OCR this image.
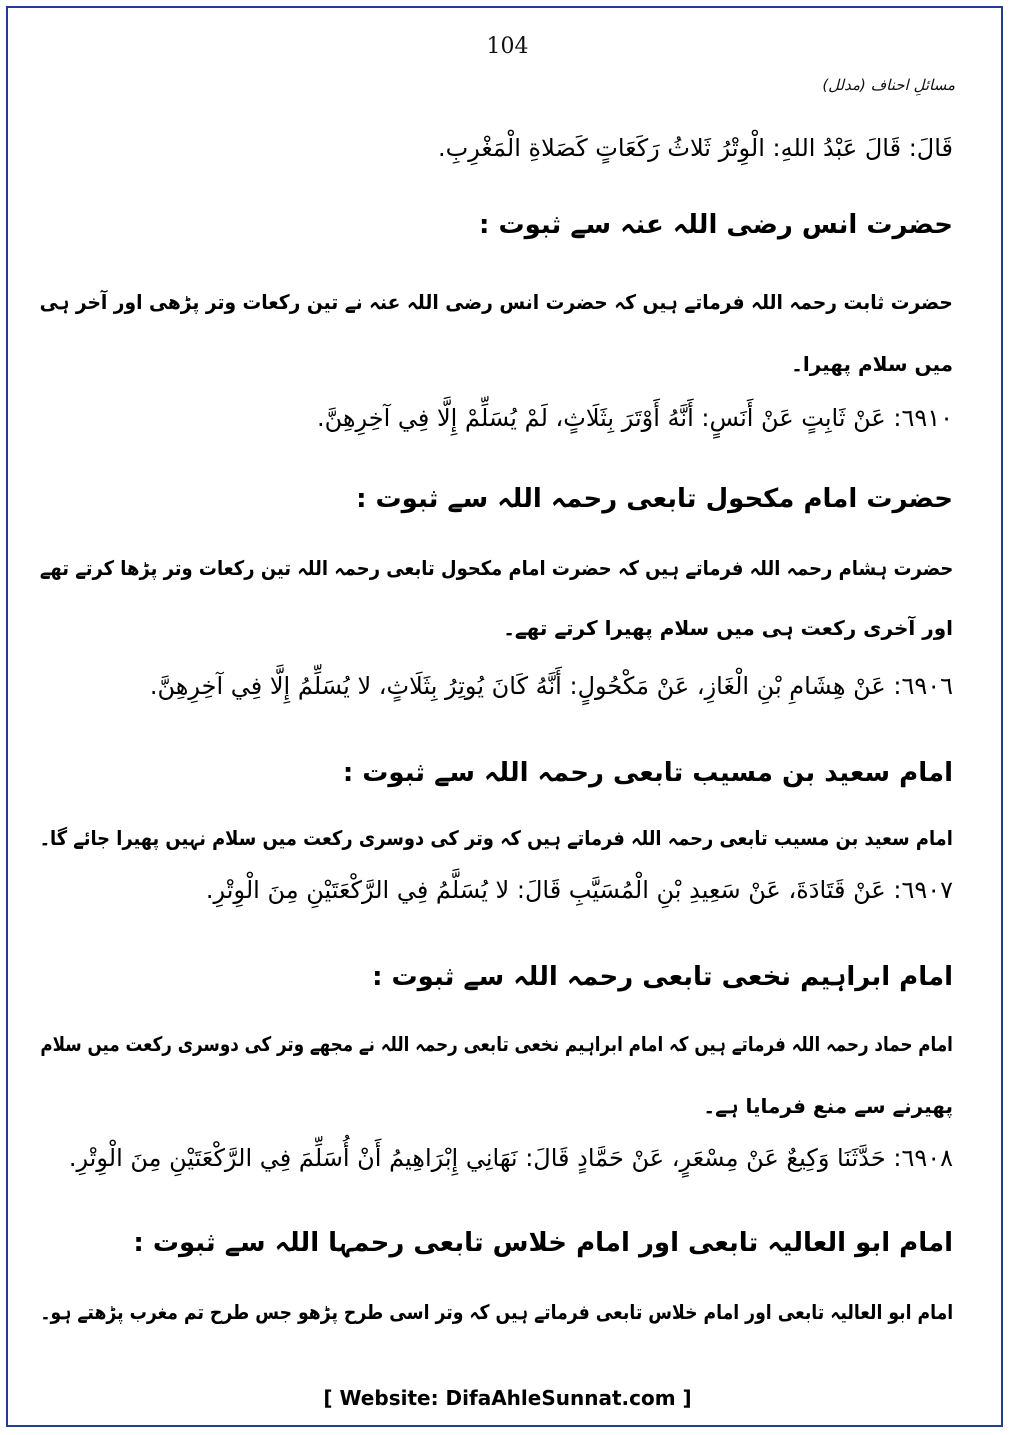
104
مسائلِ احناف (مدلل)
قَالَ: قَالَ عَبْدُ اللهِ: الْوِتْرُ ثَلاثُ رَكَعَاتٍ كَصَلاةِ الْمَغْرِبِ.
حضرت انس رضی اللہ عنہ سے ثبوت :
حضرت ثابت رحمہ اللہ فرماتے ہیں کہ حضرت انس رضی اللہ عنہ نے تین رکعات وتر پڑھی اور آخر ہی
میں سلام پھیرا۔
٦٩١٠: عَنْ ثَابِتٍ عَنْ أَنَسٍ: أَنَّهُ أَوْتَرَ بِثَلَاثٍ، لَمْ يُسَلِّمْ إِلَّا فِي آخِرِهِنَّ.
حضرت امام مکحول تابعی رحمہ اللہ سے ثبوت :
حضرت ہشام رحمہ اللہ فرماتے ہیں کہ حضرت امام مکحول تابعی رحمہ اللہ تین رکعات وتر پڑھا کرتے تھے
اور آخری رکعت ہی میں سلام پھیرا کرتے تھے۔
٦٩٠٦: عَنْ هِشَامِ بْنِ الْغَازِ، عَنْ مَكْحُولٍ: أَنَّهُ كَانَ يُوتِرُ بِثَلَاثٍ، لا يُسَلِّمُ إِلَّا فِي آخِرِهِنَّ.
امام سعید بن مسیب تابعی رحمہ اللہ سے ثبوت :
امام سعید بن مسیب تابعی رحمہ اللہ فرماتے ہیں کہ وتر کی دوسری رکعت میں سلام نہیں پھیرا جائے گا۔
٦٩٠٧: عَنْ قَتَادَةَ، عَنْ سَعِيدِ بْنِ الْمُسَيَّبِ قَالَ: لا يُسَلَّمُ فِي الرَّكْعَتَيْنِ مِنَ الْوِتْرِ.
امام ابراہیم نخعی تابعی رحمہ اللہ سے ثبوت :
امام حماد رحمہ اللہ فرماتے ہیں کہ امام ابراہیم نخعی تابعی رحمہ اللہ نے مجھے وتر کی دوسری رکعت میں سلام
پھیرنے سے منع فرمایا ہے۔
٦٩٠٨: حَدَّثَنَا وَكِيعٌ عَنْ مِسْعَرٍ، عَنْ حَمَّادٍ قَالَ: نَهَانِي إِبْرَاهِيمُ أَنْ أُسَلِّمَ فِي الرَّكْعَتَيْنِ مِنَ الْوِتْرِ.
امام ابو العالیہ تابعی اور امام خلاس تابعی رحمہا اللہ سے ثبوت :
امام ابو العالیہ تابعی اور امام خلاس تابعی فرماتے ہیں کہ وتر اسی طرح پڑھو جس طرح تم مغرب پڑھتے ہو۔
[ Website: DifaAhleSunnat.com ]
